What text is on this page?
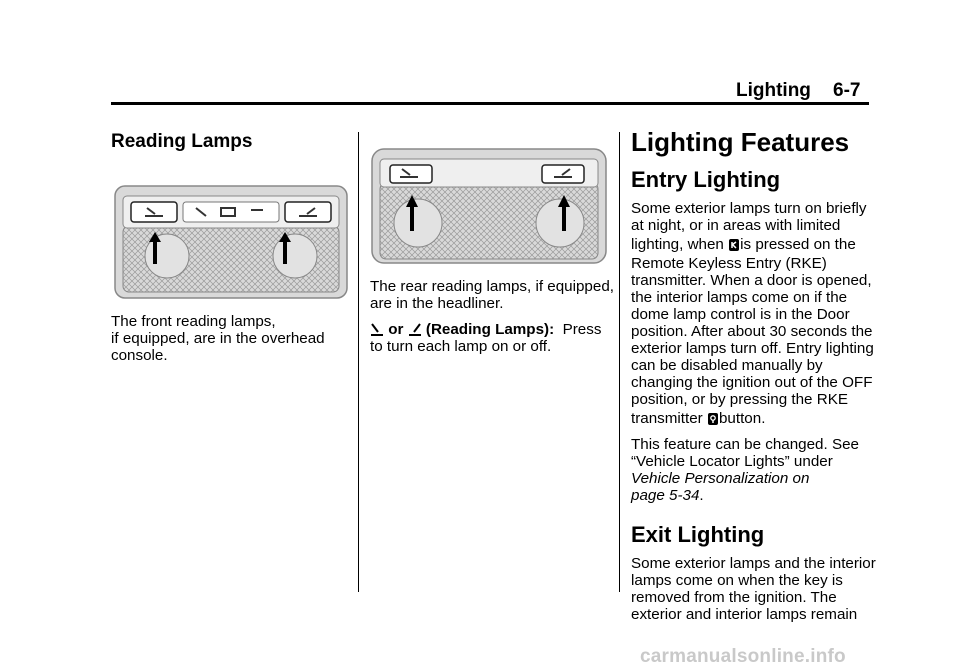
Lighting 6-7
Reading Lamps

The front reading lamps,

if equipped, are in the overhead

console.

The rear reading lamps, if equipped,

are in the headliner.

or (Reading Lamps): Press

to turn each lamp on or off.

Lighting Features
Entry Lighting

Some exterior lamps turn on briefly

at night, or in areas with limited

lighting, when is pressed on the

Remote Keyless Entry (RKE)

transmitter. When a door is opened,

the interior lamps come on if the

dome lamp control is in the Door

position. After about 30 seconds the

exterior lamps turn off. Entry lighting

can be disabled manually by

changing the ignition out of the OFF

position, or by pressing the RKE

transmitter button.

This feature can be changed. See

“Vehicle Locator Lights” under

Vehicle Personalization on

page 5-34.

Exit Lighting

Some exterior lamps and the interior

lamps come on when the key is

removed from the ignition. The

exterior and interior lamps remain

carmanualsonline.info
